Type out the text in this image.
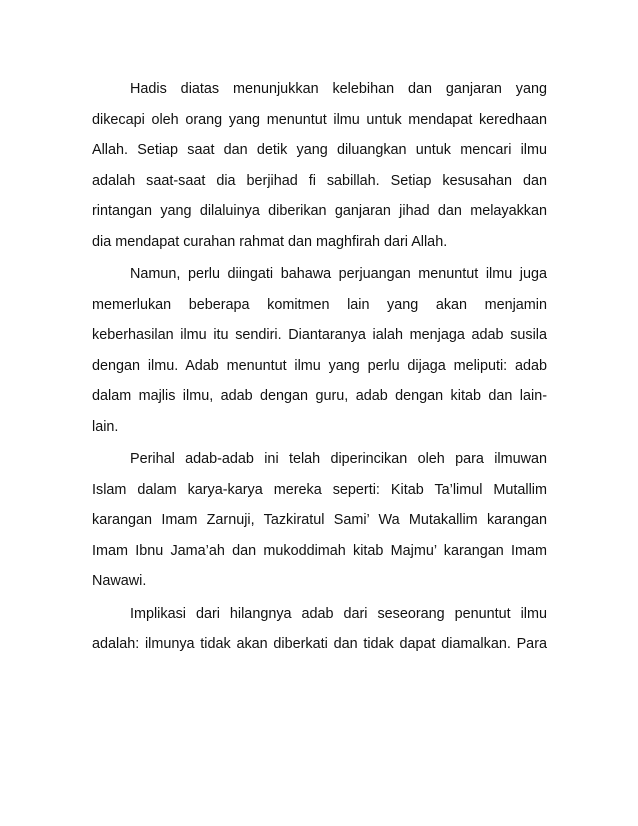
Hadis diatas menunjukkan kelebihan dan ganjaran yang
dikecapi oleh orang yang menuntut ilmu untuk mendapat keredhaan
Allah. Setiap saat dan detik yang diluangkan untuk mencari ilmu
adalah saat-saat dia berjihad fi sabillah. Setiap kesusahan dan
rintangan yang dilaluinya diberikan ganjaran jihad dan melayakkan
dia mendapat curahan rahmat dan maghfirah dari Allah.
Namun, perlu diingati bahawa perjuangan menuntut ilmu juga
memerlukan beberapa komitmen lain yang akan menjamin
keberhasilan ilmu itu sendiri. Diantaranya ialah menjaga adab susila
dengan ilmu. Adab menuntut ilmu yang perlu dijaga meliputi: adab
dalam majlis ilmu, adab dengan guru, adab dengan kitab dan lain-
lain.
Perihal adab-adab ini telah diperincikan oleh para ilmuwan
Islam dalam karya-karya mereka seperti: Kitab Ta’limul Mutallim
karangan Imam Zarnuji, Tazkiratul Sami’ Wa Mutakallim karangan
Imam Ibnu Jama’ah dan mukoddimah kitab Majmu’ karangan Imam
Nawawi.
Implikasi dari hilangnya adab dari seseorang penuntut ilmu
adalah: ilmunya tidak akan diberkati dan tidak dapat diamalkan. Para
